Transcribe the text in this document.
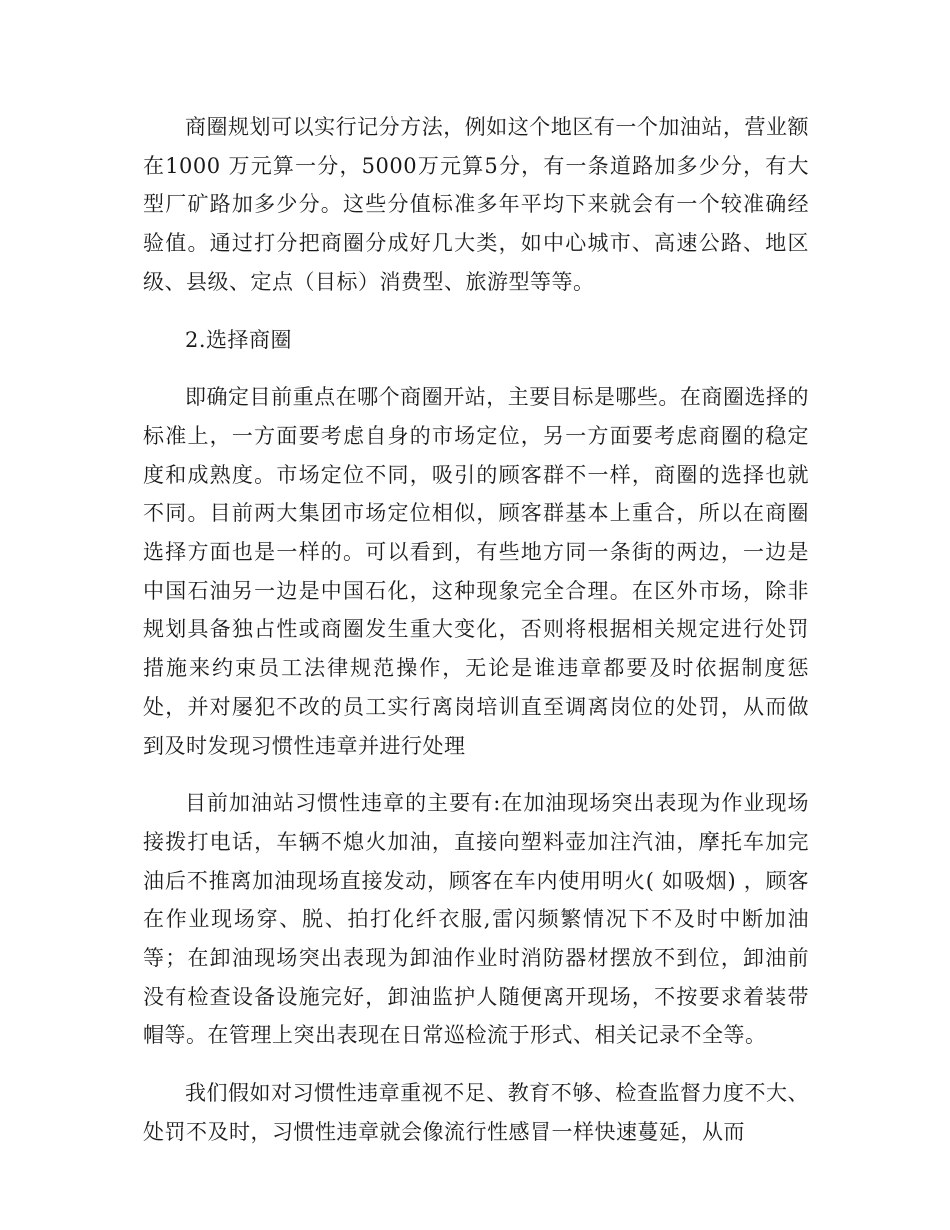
商圈规划可以实行记分方法，例如这个地区有一个加油站，营业额在1000 万元算一分，5000万元算5分，有一条道路加多少分，有大型厂矿路加多少分。这些分值标准多年平均下来就会有一个较准确经验值。通过打分把商圈分成好几大类，如中心城市、高速公路、地区级、县级、定点（目标）消费型、旅游型等等。

2.选择商圈

即确定目前重点在哪个商圈开站，主要目标是哪些。在商圈选择的标准上，一方面要考虑自身的市场定位，另一方面要考虑商圈的稳定度和成熟度。市场定位不同，吸引的顾客群不一样，商圈的选择也就不同。目前两大集团市场定位相似，顾客群基本上重合，所以在商圈选择方面也是一样的。可以看到，有些地方同一条街的两边，一边是中国石油另一边是中国石化，这种现象完全合理。在区外市场，除非规划具备独占性或商圈发生重大变化，否则将根据相关规定进行处罚措施来约束员工法律规范操作，无论是谁违章都要及时依据制度惩处，并对屡犯不改的员工实行离岗培训直至调离岗位的处罚，从而做到及时发现习惯性违章并进行处理

目前加油站习惯性违章的主要有:在加油现场突出表现为作业现场接拨打电话，车辆不熄火加油，直接向塑料壶加注汽油，摩托车加完油后不推离加油现场直接发动，顾客在车内使用明火( 如吸烟) ，顾客在作业现场穿、脱、拍打化纤衣服,雷闪频繁情况下不及时中断加油等；在卸油现场突出表现为卸油作业时消防器材摆放不到位，卸油前没有检查设备设施完好，卸油监护人随便离开现场，不按要求着装带帽等。在管理上突出表现在日常巡检流于形式、相关记录不全等。

我们假如对习惯性违章重视不足、教育不够、检查监督力度不大、处罚不及时，习惯性违章就会像流行性感冒一样快速蔓延，从而
